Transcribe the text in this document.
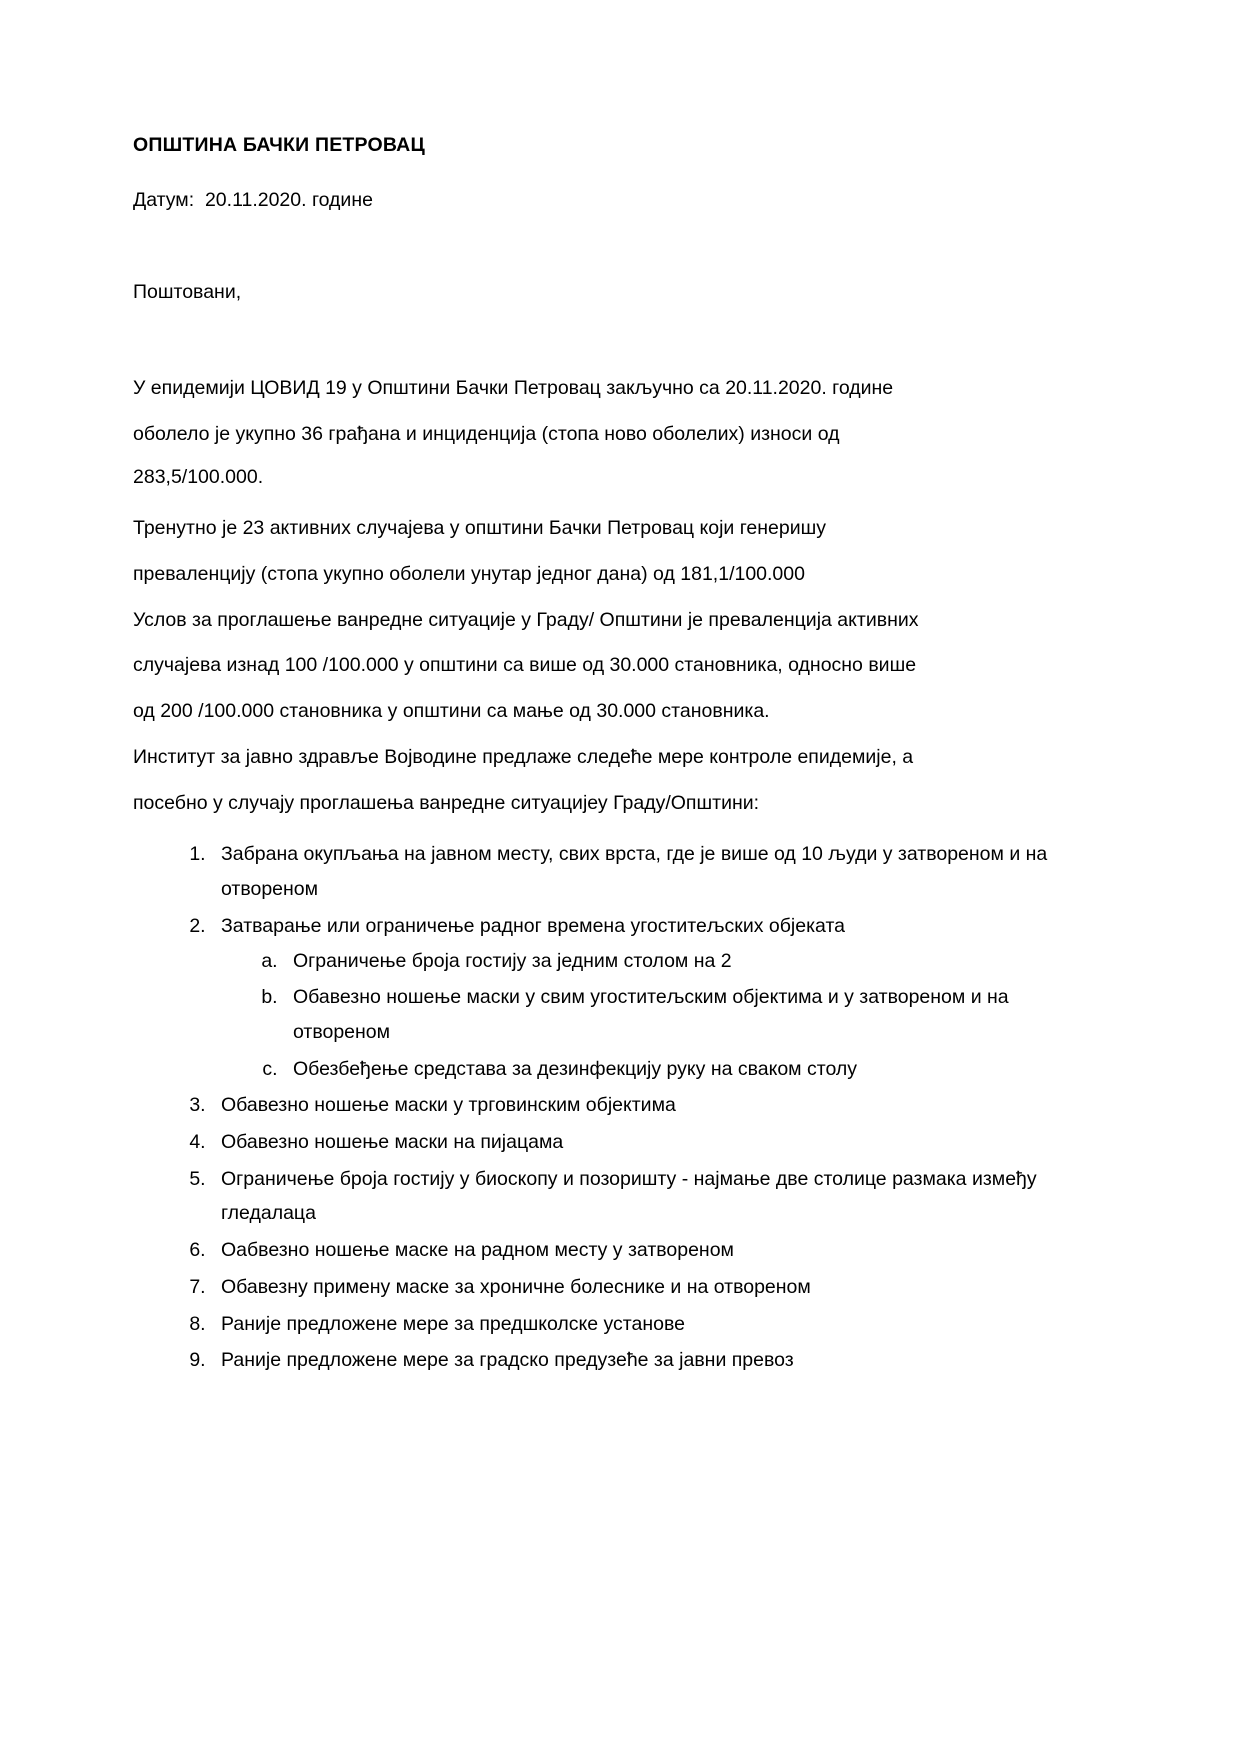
ОПШТИНА БАЧКИ ПЕТРОВАЦ

Датум:  20.11.2020. године

Поштовани,

У епидемији ЦОВИД 19 у Општини Бачки Петровац закључно са 20.11.2020. године

оболело је укупно 36 грађана и инциденција (стопа ново оболелих) износи од

283,5/100.000.

Тренутно је 23 активних случајева у општини Бачки Петровац који генеришу

преваленцију (стопа укупно оболели унутар једног дана) од 181,1/100.000

Услов за проглашење ванредне ситуације у Граду/ Општини је преваленција активних

случајева изнад 100 /100.000 у општини са више од 30.000 становника, односно више

од 200 /100.000 становника у општини са мање од 30.000 становника.

Институт за јавно здравље Војводине предлаже следеће мере контроле епидемије, а

посебно у случају проглашења ванредне ситуацијеу Граду/Општини:

1. Забрана окупљања на јавном месту, свих врста, где је више од 10 људи у затвореном и на отвореном
2. Затварање или ограничење радног времена угоститељских објеката
a. Ограничење броја гостију за једним столом на 2
b. Обавезно ношење маски у свим угоститељским објектима и у затвореном и на отвореном
c. Обезбеђење средстава за дезинфекцију руку на сваком столу
3. Обавезно ношење маски у трговинским објектима
4. Обавезно ношење маски на пијацама
5. Ограничење броја гостију у биоскопу и позоришту - најмање две столице размака између гледалаца
6. Оабвезно ношење маске на радном месту у затвореном
7. Обавезну примену маске за хроничне болеснике и на отвореном
8. Раније предложене мере за предшколске установе
9. Раније предложене мере за градско предузеће за јавни превоз
